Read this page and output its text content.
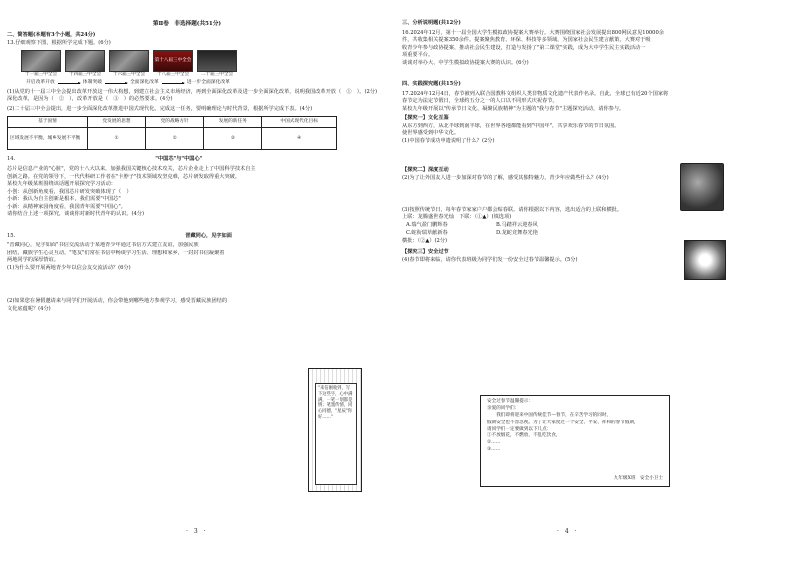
第Ⅱ卷　非选择题(共51分)

二、简答题(本题有3个小题，共24分)

13.仔细观察下图，根据所学完成下题。(6分)

第十八届三中全会
十一届三中全会	十四届三中全会	十六届三中全会	十八届三中全会	二十届三中全会
开启改革开放	体制突破	全面深化改革	进一步全面深化改革

(1)从党的十一届三中全会提出改革开放这一伟大构想，到建立社会主义市场经济，再到全面深化改革及进一步全面深化改革，说明我国改革开放（　①　）。(2分)

深化改革，是因为（　②　），改革开放是（　③　）的必然要求。(4分)

(2)二十届三中全会提出，进一步全面深化改革推进中国式现代化。完成这一任务，要明确理论与时代背景，根据所学完成下表。(4分)

基于国情	党发展的思想	党的战略方针	发展的新任务	中国式现代化目标
区域发展不平衡，城乡发展不平衡	①	②	③	④
14.	"中国芯"与"中国心"

芯片是信息产业的"心脏"，党的十八大以来，加强我国关键核心技术攻关，芯片企业走上了中国科学技术自主

创新之路。在党的领导下，一代代科研工作者在"卡脖子"技术领域攻坚克难，芯片研发取得重大突破。

某校九年级某班围绕该话题开展探究学习活动：

小创：从创新角度看，我国芯片研发突破体现了（　）

小新：我认为自主创新是根本，我们需要"中国芯"

小新：从精神家园角度看，我国青年需要"中国心"。

请你结合上述一项探究，谈谈你对新时代青年的认识。(4分)

15.	晋藏同心，见字如面

"晋藏同心，见字如面"书信交流活动于某地青少年通过书信方式建立友谊，加强民族

团结，藏族学生心灵互动，"笔友"们常在书信中畅谈学习生活、理想和家乡，一封封书信凝聚着

两地同学的深厚情谊。

(1)为什么要开展两地青少年以信会友交流活动？(6分)

(2)如果您在暑假邀请来与同学们开展活动，你会带他到哪些地方参观学习，感受晋藏民族团结的

文化底蕴呢？(4分)

"来信刚收到，写下这些字，心中满满，一笔一划都是情；笔墨传情，同心同德，"星辰"你好……"
·3·

三、分析说明题(共12分)

16.2024年12月，第十一届全国大学生模拟政协提案大赛举行。大赛围绕国家社会发展提出800网民意见10000余

件，共收集相关提案350余件。提案聚焦教育、环保、科技等多领域，为国家社会民生建言献策，大赛对于吸

收青少年参与政协提案、推动社会民生建设，打造与发扬了"第二课堂"实践，成为大中学生民主实践活动一

项重要平台。

谈谈对举办大、中学生模拟政协提案大赛的认识。(6分)

四、实践探究题(共15分)

17.2024年12月4日，春节被列入联合国教科文组织人类非物质文化遗产代表作名录。自此，全球已有近20个国家将

春节定为法定节假日，全球约五分之一的人口以不同形式庆祝春节。

某校九年级开展以"传承节日文化、凝聚民族精神"为主题的"我与春节"主题探究活动，请你参与。

【探究一】文化互鉴

从东方到西方，从北半球到南半球，在世界各地都能看到"中国年"，共享欢乐春节的节日氛围。

使世界感受到中华文化。

(1)中国春节成功申遗说明了什么？(2分)

【探究二】深度互动

(2)为了让外国友人进一步加深对春节的了解，感受其独特魅力，青少年应做些什么？(4分)

(3)按照传统节日，每年春节家家户户都会贴春联。请你根据以下内容，选出适合的上联和横批。

上联：龙腾盛世春光灿　下联：（①▲）(填选项)

A.瑞气盈门鹏辉春	B.马踏祥云迎春风
C.蛇衔瑞草献新春	D.龙蛇竞舞春光艳

横批：（②▲）(2分)

【探究三】安全过节

(4)春节即将来临，请你代表班级为同学们发一份安全过春节温馨提示。(5分)

安全过春节温馨提示：

亲爱的同学们：

　　我们即将迎来中国传统佳节—春节，在辛苦学习的同时，

假期安全也不容忽视。为了让大家度过一个安全、平安、祥和的春节假期，

请同学们一定要做到以下几点：

①不放烟花，不燃放，不乱吃饮食，

②……

③……

九年级X班　安全小卫士

·4·
